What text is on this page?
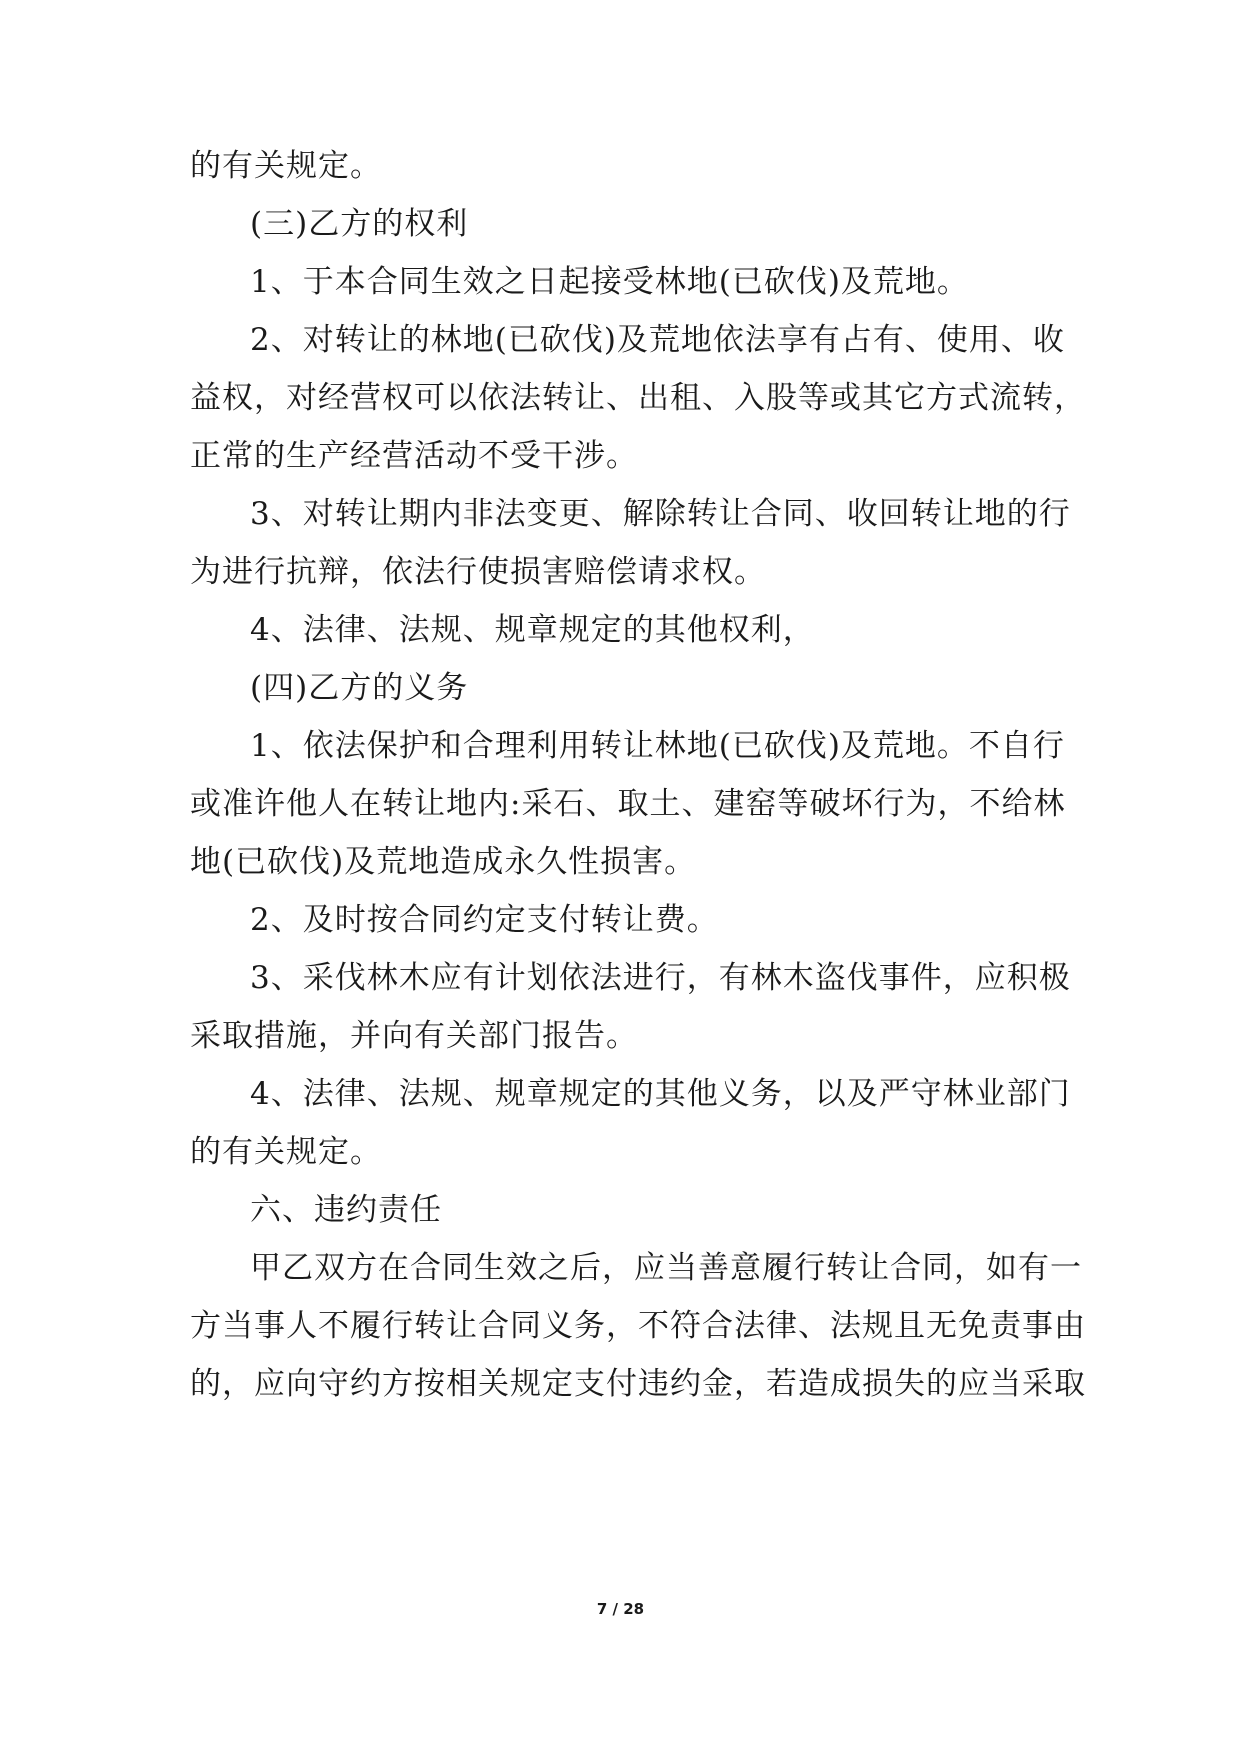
的有关规定。
(三)乙方的权利
1、于本合同生效之日起接受林地(已砍伐)及荒地。
2、对转让的林地(已砍伐)及荒地依法享有占有、使用、收
益权，对经营权可以依法转让、出租、入股等或其它方式流转，
正常的生产经营活动不受干涉。
3、对转让期内非法变更、解除转让合同、收回转让地的行
为进行抗辩，依法行使损害赔偿请求权。
4、法律、法规、规章规定的其他权利，
(四)乙方的义务
1、依法保护和合理利用转让林地(已砍伐)及荒地。不自行
或准许他人在转让地内:采石、取土、建窑等破坏行为，不给林
地(已砍伐)及荒地造成永久性损害。
2、及时按合同约定支付转让费。
3、采伐林木应有计划依法进行，有林木盗伐事件，应积极
采取措施，并向有关部门报告。
4、法律、法规、规章规定的其他义务，以及严守林业部门
的有关规定。
六、违约责任
甲乙双方在合同生效之后，应当善意履行转让合同，如有一
方当事人不履行转让合同义务，不符合法律、法规且无免责事由
的，应向守约方按相关规定支付违约金，若造成损失的应当采取
7 / 28
